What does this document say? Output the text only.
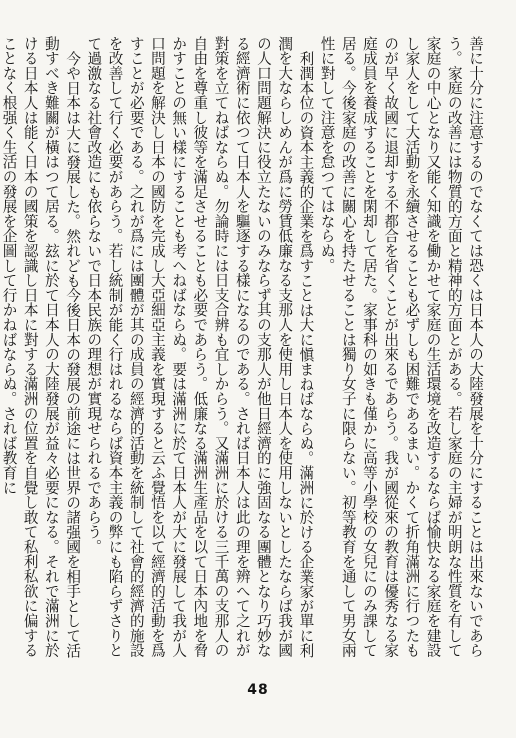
善に十分に注意するのでなくては恐くは日本人の大陸發展を十分にすることは出來ないであらう。家庭の改善には物質的方面と精神的方面とがある。若し家庭の主婦が明朗な性質を有して家庭の中心となり又能く知識を働かせて家庭の生活環境を改造するならば愉快なる家庭を建設し家人をして大活動を永續させることも必ずしも困難であるまい。かくて折角滿洲に行つたものが早く故國に退却する不都合を省くことが出來るであらう。我が國從來の教育は優秀なる家庭成員を養成することを閑却して居た。家事科の如きも僅かに高等小學校の女兒にのみ課して居る。今後家庭の改善に關心を持たせることは獨り女子に限らない。初等教育を通して男女兩性に對して注意を怠つてはならぬ。

利潤本位の資本主義的企業を爲すことは大に愼まねばならぬ。滿洲に於ける企業家が單に利潤を大ならしめんが爲に勞賃低廉なる支那人を使用し日本人を使用しないとしたならば我が國の人口問題解決に役立たないのみならず其の支那人が他日經濟的に強固なる團體となり巧妙なる經濟術に依つて日本人を驅逐する樣になるのである。されば日本人は此の理を辨へて之れが對策を立てねばならぬ。勿論時には日支合辨も宜しからう。又滿洲に於ける三千萬の支那人の自由を尊重し彼等を滿足させることも必要であらう。低廉なる滿洲生產品を以て日本內地を脅かすことの無い樣にすることも考へねばならぬ。要は滿洲に於て日本人が大に發展して我が人口問題を解決し日本の國防を完成し大亞細亞主義を實現すると云ふ覺悟を以て經濟的活動を爲すことが必要である。之れが爲には團體が其の成員の經濟的活動を統制して社會的經濟的施設を改善して行く必要があらう。若し統制が能く行はれるならば資本主義の弊にも陷らずさりとて過激なる社會改造にも依らないで日本民族の理想が實現せられるであらう。

今や日本は大に發展した。然れども今後日本の發展の前途には世界の諸强國を相手として活動すべき難關が橫はつて居る。玆に於て日本人の大陸發展が益々必要になる。それで滿洲に於ける日本人は能く日本の國策を認識し日本に對する滿洲の位置を自覺し敢て私利私欲に偏することなく根强く生活の發展を企圖して行かねばならぬ。されば教育に

48
